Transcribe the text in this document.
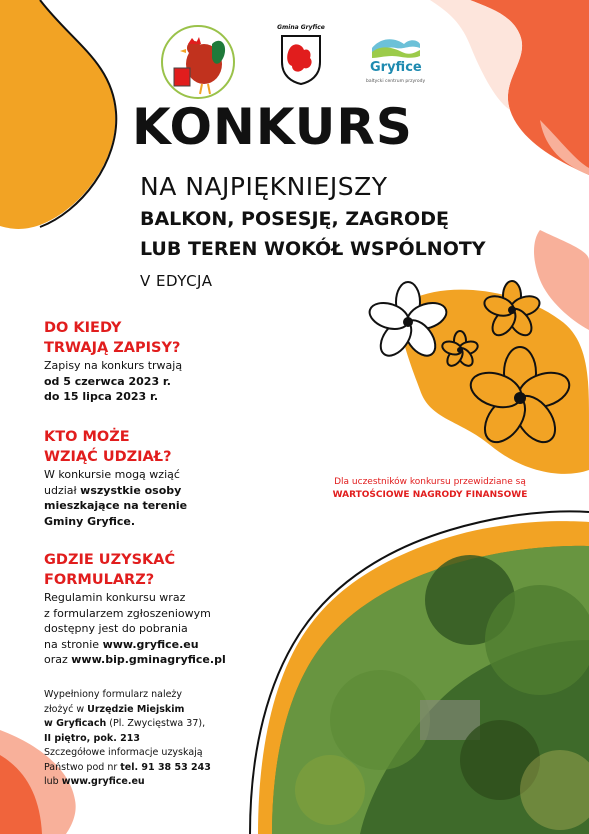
Gmina Gryfice
Gryfice
baltycki centrum przyrody
KONKURS
NA NAJPIĘKNIEJSZY
BALKON, POSESJĘ, ZAGRODĘ
LUB TEREN WOKÓŁ WSPÓLNOTY
V EDYCJA
DO KIEDY
TRWAJĄ ZAPISY?
Zapisy na konkurs trwają
od 5 czerwca 2023 r.
do 15 lipca 2023 r.
KTO MOŻE
WZIĄĆ UDZIAŁ?
W konkursie mogą wziąć
udział wszystkie osoby
mieszkające na terenie
Gminy Gryfice.
GDZIE UZYSKAĆ
FORMULARZ?
Regulamin konkursu wraz
z formularzem zgłoszeniowym
dostępny jest do pobrania
na stronie www.gryfice.eu
oraz www.bip.gminagryfice.pl
Wypełniony formularz należy
złożyć w Urzędzie Miejskim
w Gryficach (Pl. Zwycięstwa 37),
II piętro, pok. 213
Szczegółowe informacje uzyskają
Państwo pod nr tel. 91 38 53 243
lub www.gryfice.eu
Dla uczestników konkursu przewidziane są
WARTOŚCIOWE NAGRODY FINANSOWE
